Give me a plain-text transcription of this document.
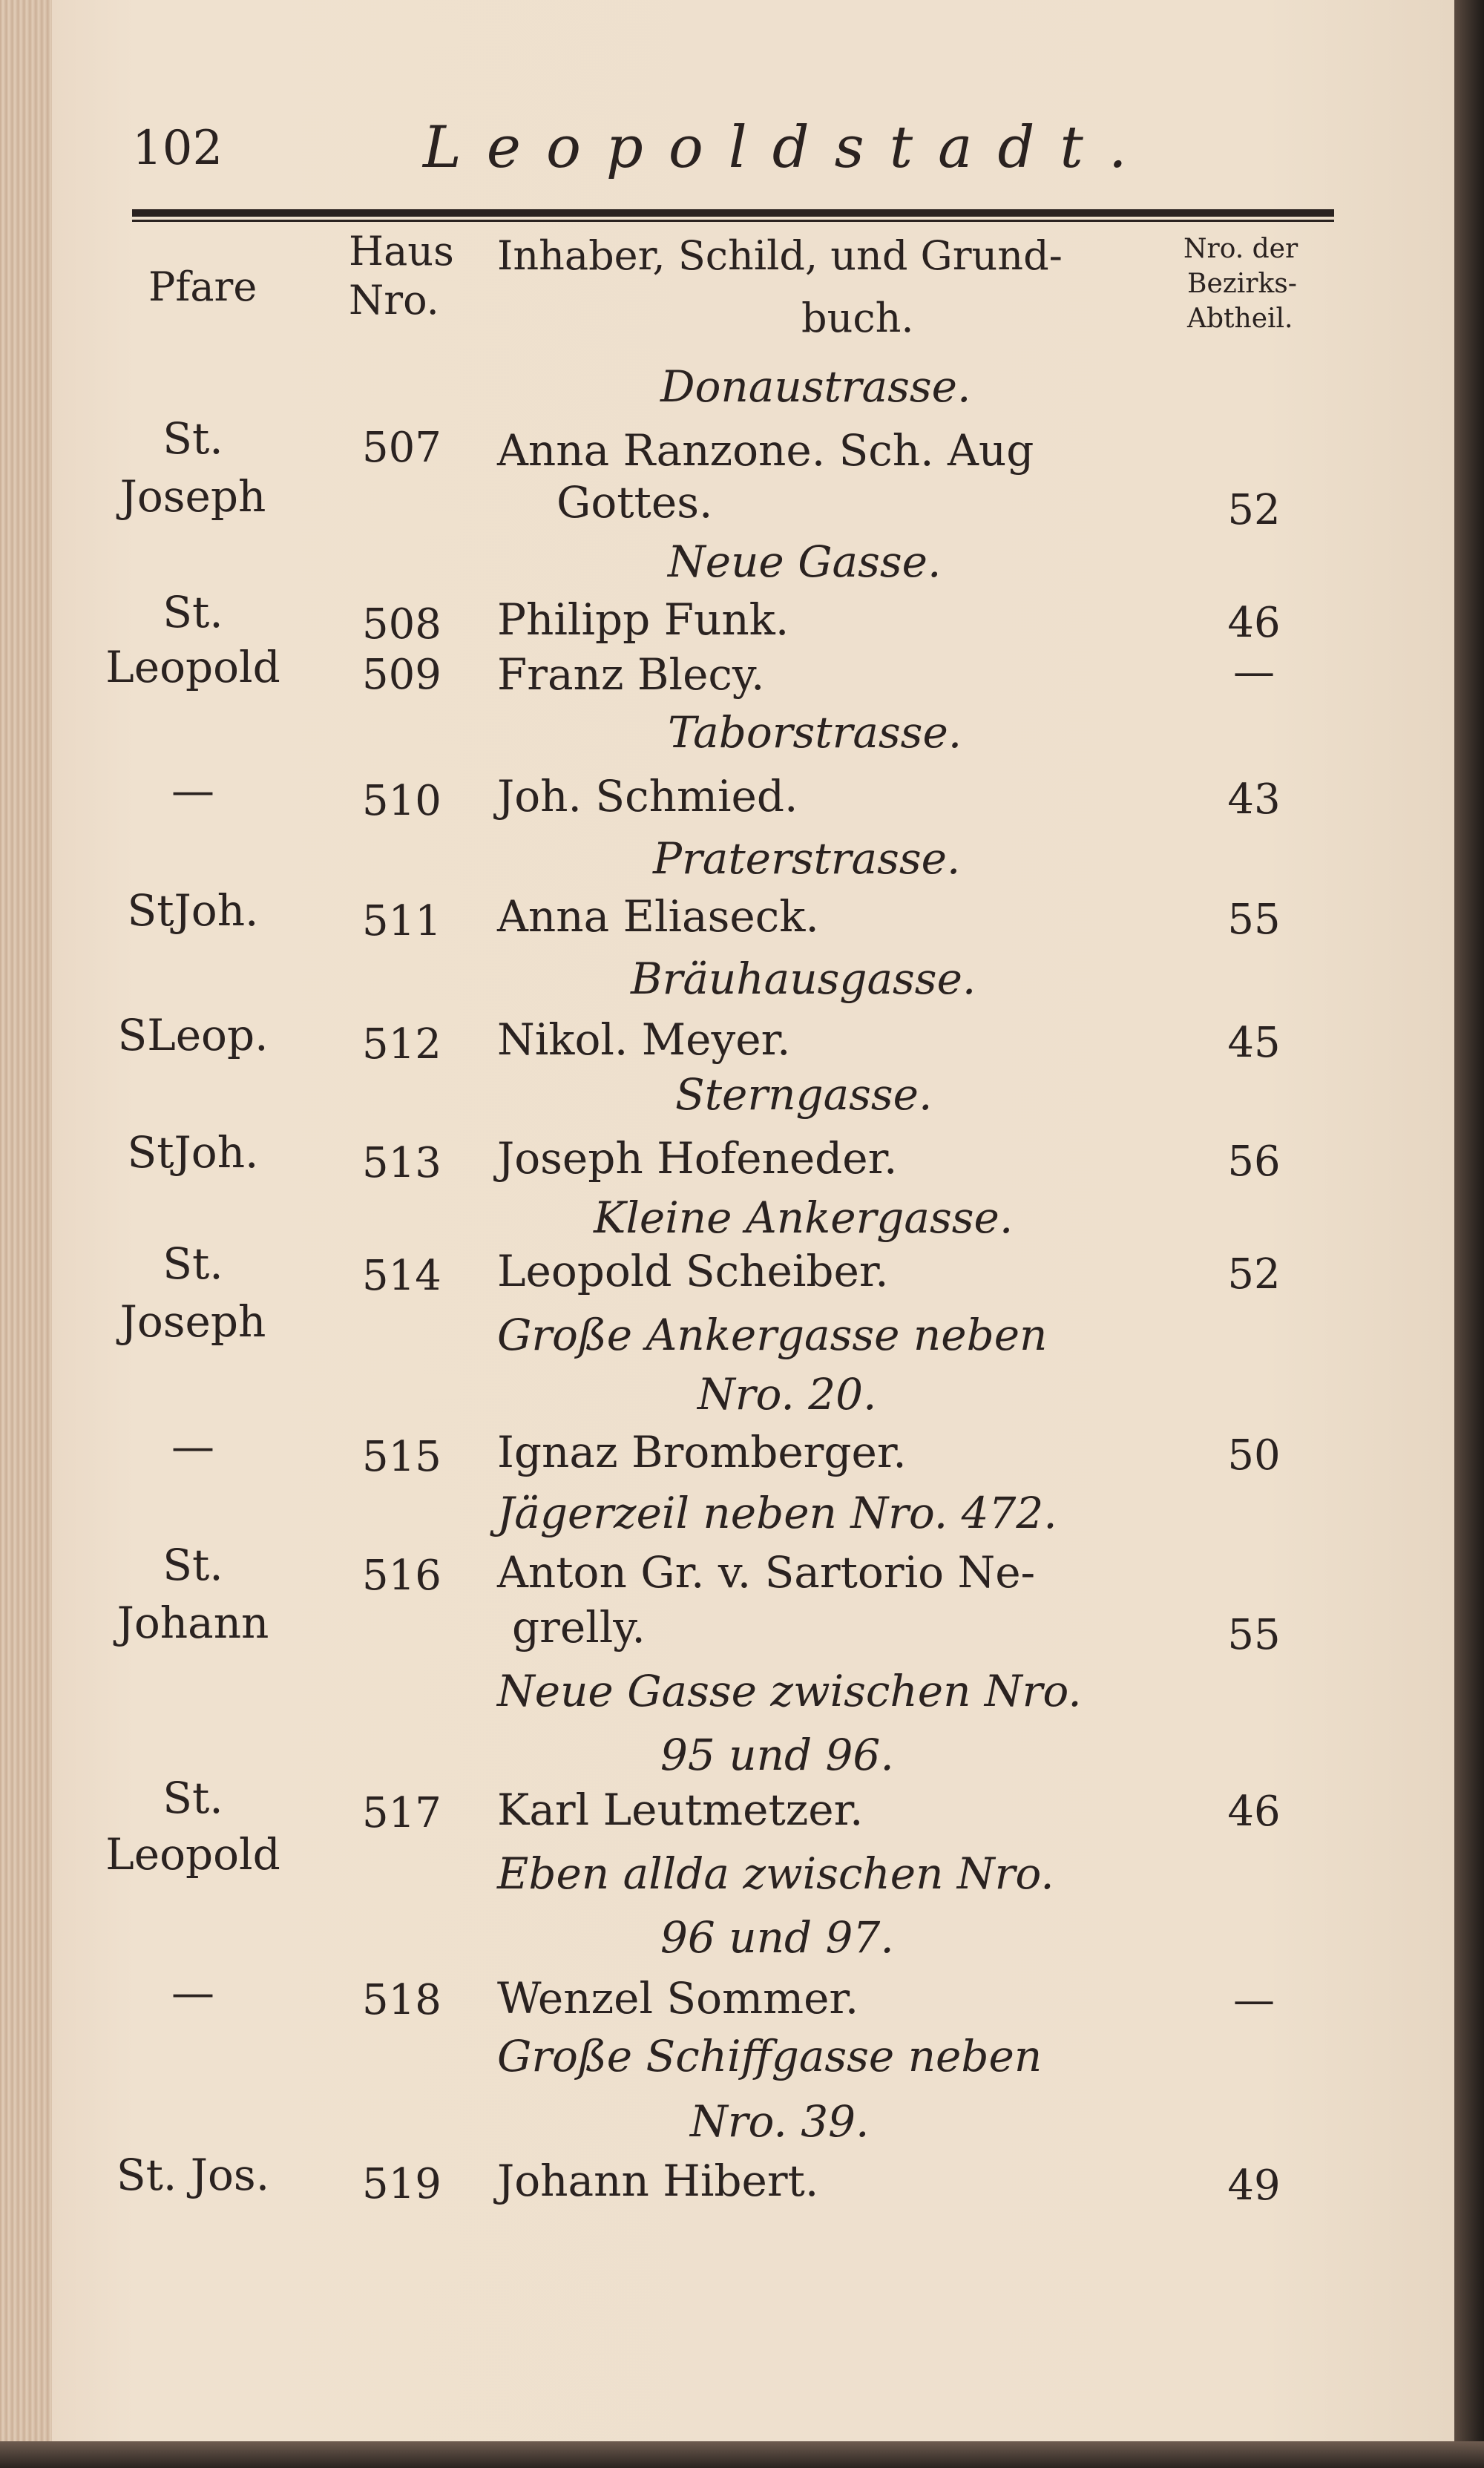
102	Leopoldstadt.
Pfare
Haus
Nro.
Inhaber, Schild, und Grund-
buch.
Nro. der
Bezirks-
Abtheil.
Donaustrasse.
St.	507 Anna Ranzone. Sch. Aug
Joseph	Gottes.	52
Neue Gasse.
St.	508 Philipp Funk.	46
Leopold	509 Franz Blecy.	—
Taborstrasse.
—	510 Joh. Schmied.	43
Praterstrasse.
StJoh.	511 Anna Eliaseck.	55
Bräuhausgasse.
SLeop.	512 Nikol. Meyer.	45
Sterngasse.
StJoh.	513 Joseph Hofeneder.	56
Kleine Ankergasse.
St.	514 Leopold Scheiber.	52
Joseph	Große Ankergasse neben
Nro. 20.
—	515 Ignaz Bromberger.	50
Jägerzeil neben Nro. 472.
St.	516 Anton Gr. v. Sartorio Ne-
Johann	grelly.	55
Neue Gasse zwischen Nro.
95 und 96.
St.	517 Karl Leutmetzer.	46
Leopold	Eben allda zwischen Nro.
96 und 97.
—	518 Wenzel Sommer.	—
Große Schiffgasse neben
Nro. 39.
St. Jos.	519 Johann Hibert.	49
